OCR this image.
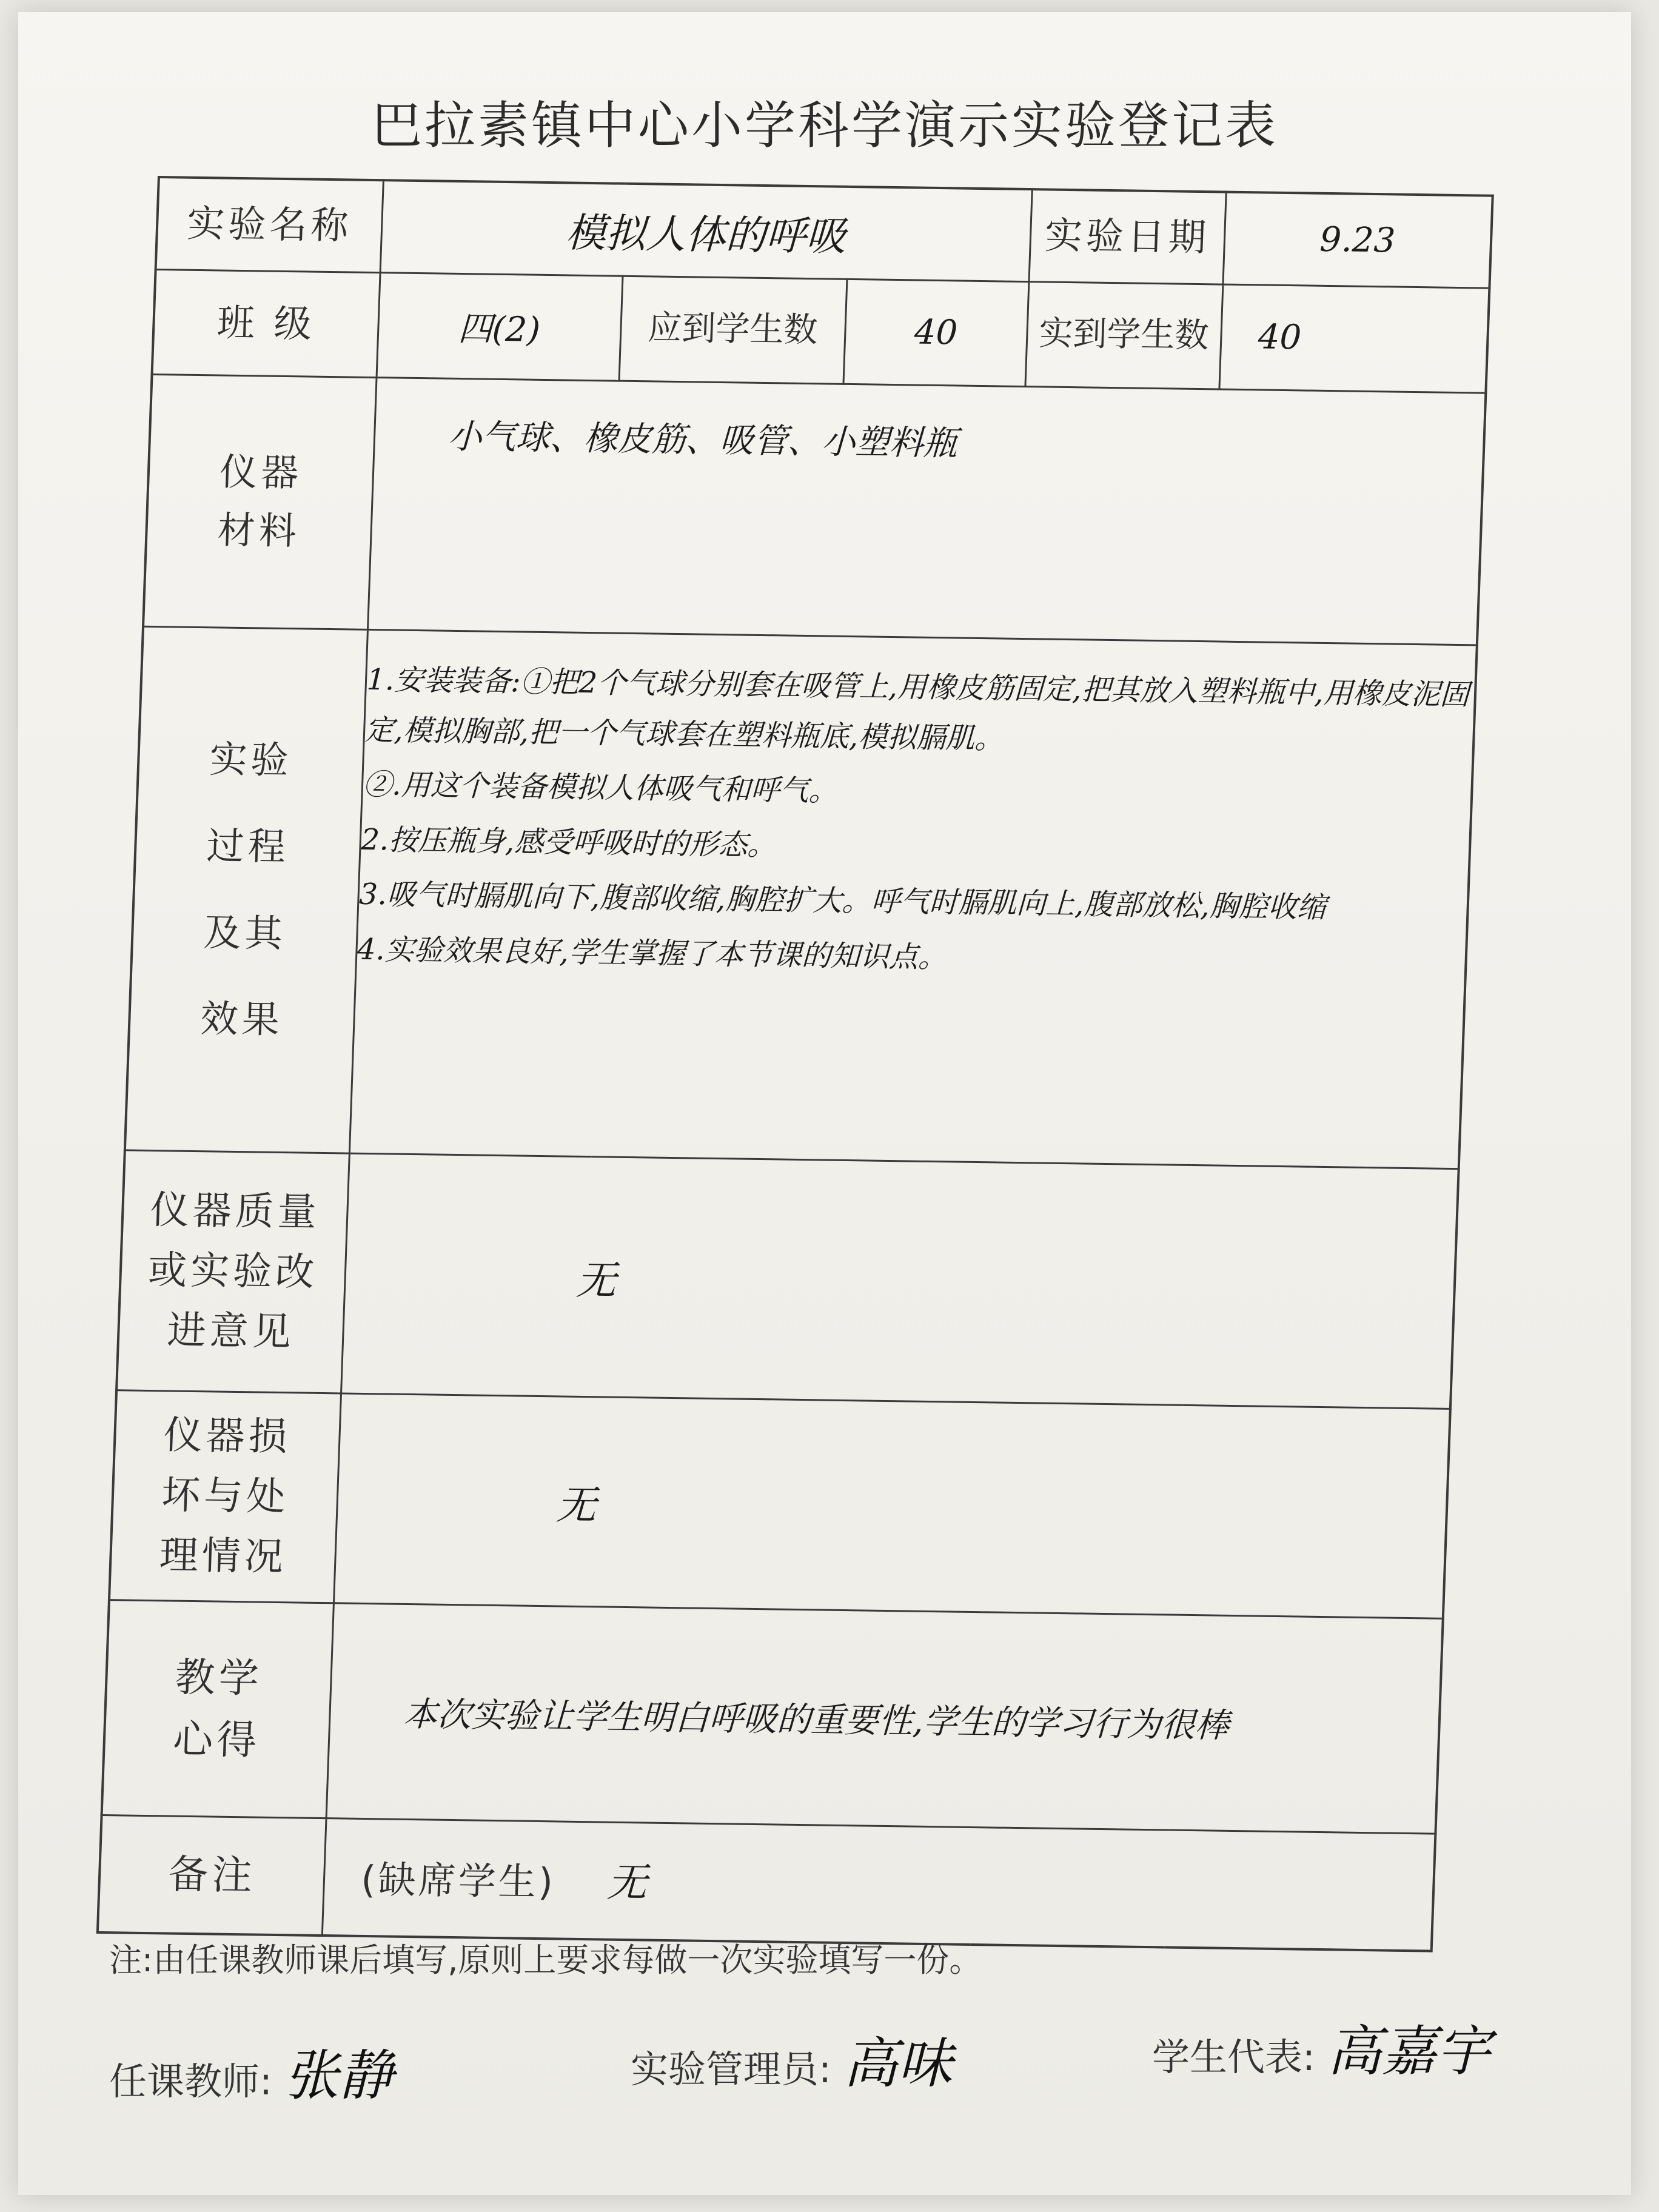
巴拉素镇中心小学科学演示实验登记表
实验名称	模拟人体的呼吸			实验日期	9.23
班 级	四(2)	应到学生数	40	实到学生数	40
仪器材料	小气球、橡皮筋、吸管、小塑料瓶				
实验过程及其效果	1.安装装备:①把2个气球分别套在吸管上,用橡皮筋固定,把其放入塑料瓶中,用橡皮泥固定,模拟胸部,把一个气球套在塑料瓶底,模拟膈肌。

②.用这个装备模拟人体吸气和呼气。

2.按压瓶身,感受呼吸时的形态。

3.吸气时膈肌向下,腹部收缩,胸腔扩大。呼气时膈肌向上,腹部放松,胸腔收缩

4.实验效果良好,学生掌握了本节课的知识点。				

仪器质量或实验改进意见	无				
仪器损坏与处理情况	无				
教学心得	本次实验让学生明白呼吸的重要性,学生的学习行为很棒				
备注	(缺席学生) 无				
注:由任课教师课后填写,原则上要求每做一次实验填写一份。
任课教师: 张静	实验管理员: 高味	学生代表: 高嘉宇
